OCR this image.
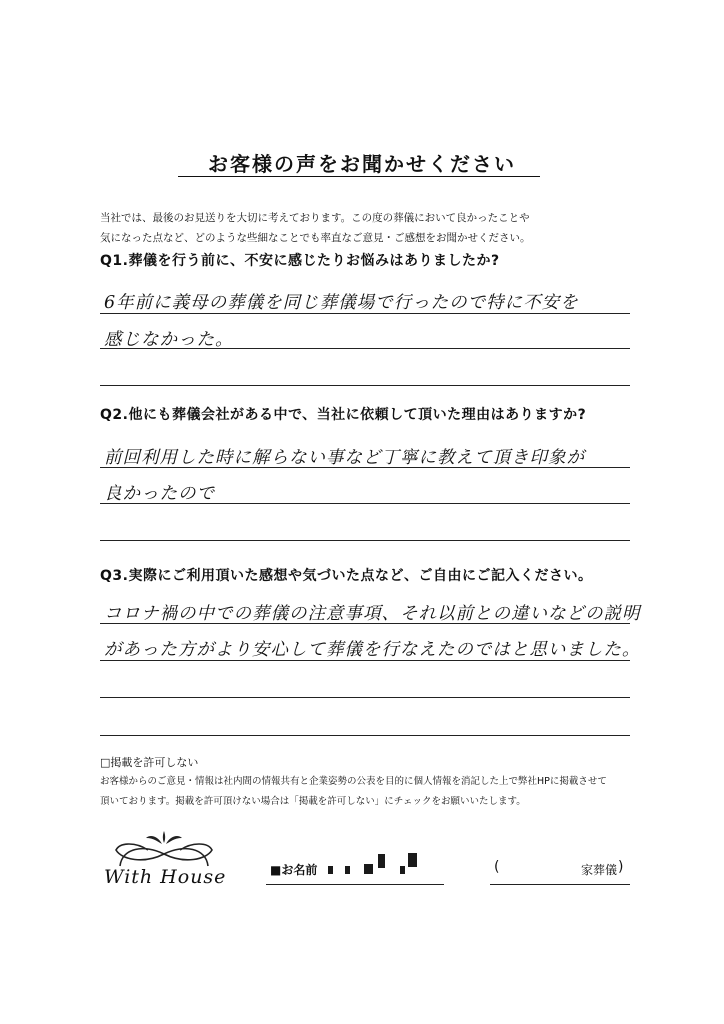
お客様の声をお聞かせください
当社では、最後のお見送りを大切に考えております。この度の葬儀において良かったことや
気になった点など、どのような些細なことでも率直なご意見・ご感想をお聞かせください。
Q1.葬儀を行う前に、不安に感じたりお悩みはありましたか?
6年前に義母の葬儀を同じ葬儀場で行ったので特に不安を
感じなかった。
Q2.他にも葬儀会社がある中で、当社に依頼して頂いた理由はありますか?
前回利用した時に解らない事など丁寧に教えて頂き印象が
良かったので
Q3.実際にご利用頂いた感想や気づいた点など、ご自由にご記入ください。
コロナ禍の中での葬儀の注意事項、それ以前との違いなどの説明
があった方がより安心して葬儀を行なえたのではと思いました。
□掲載を許可しない
お客様からのご意見・情報は社内間の情報共有と企業姿勢の公表を目的に個人情報を消記した上で弊社HPに掲載させて
頂いております。掲載を許可頂けない場合は「掲載を許可しない」にチェックをお願いいたします。
With House	■お名前	(	家葬儀 )
